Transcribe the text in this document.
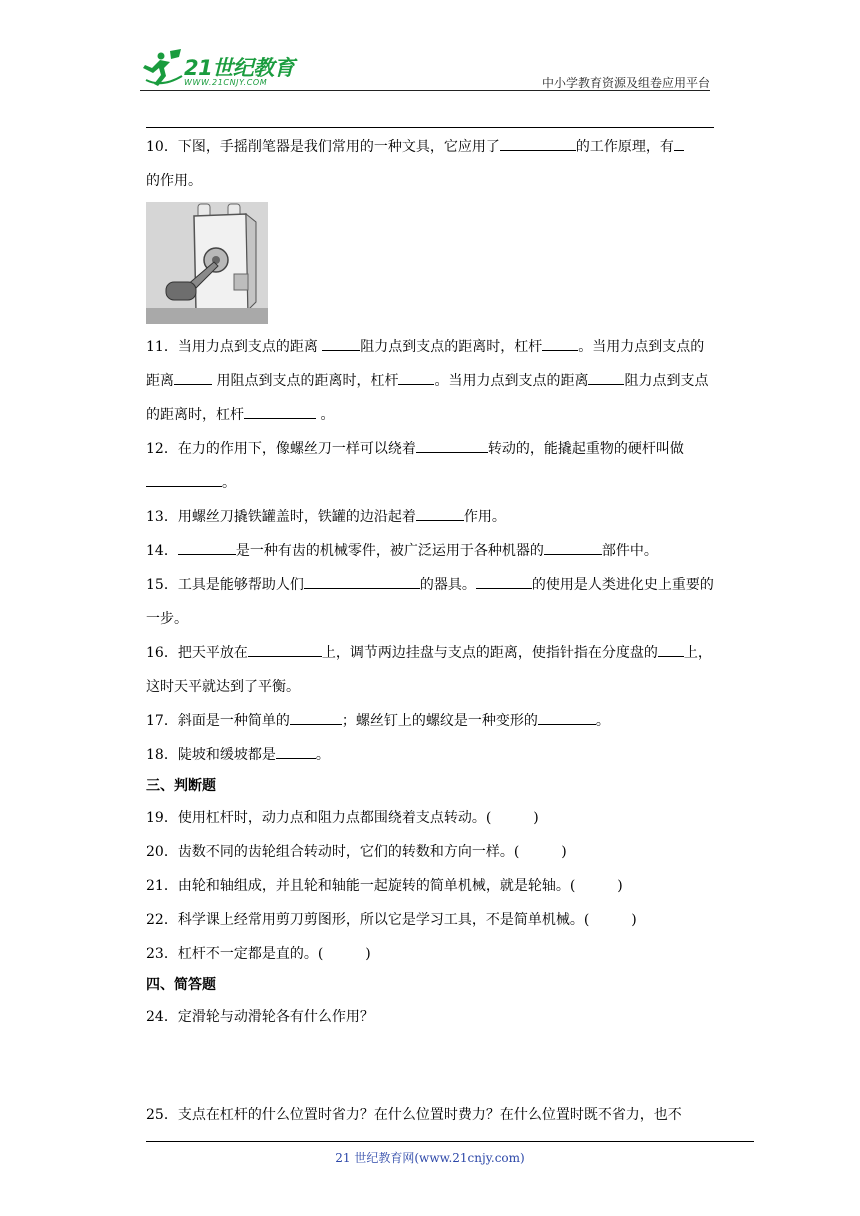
21世纪教育
WWW.21CNJY.COM	中小学教育资源及组卷应用平台

10．下图，手摇削笔器是我们常用的一种文具，它应用了	的工作原理，有
的作用。

11．当用力点到支点的距离	阻力点到支点的距离时，杠杆	。当用力点到支点的距离	用阻点到支点的距离时，杠杆	。当用力点到支点的距离	阻力点到支点的距离时，杠杆	。

12．在力的作用下，像螺丝刀一样可以绕着	转动的，能撬起重物的硬杆叫做。

13．用螺丝刀撬铁罐盖时，铁罐的边沿起着	作用。

14．	是一种有齿的机械零件，被广泛运用于各种机器的	部件中。

15．工具是能够帮助人们	的器具。	的使用是人类进化史上重要的一步。

16．把天平放在	上，调节两边挂盘与支点的距离，使指针指在分度盘的 上，这时天平就达到了平衡。

17．斜面是一种简单的	；螺丝钉上的螺纹是一种变形的	。

18．陡坡和缓坡都是	。

三、判断题

19．使用杠杆时，动力点和阻力点都围绕着支点转动。(	)

20．齿数不同的齿轮组合转动时，它们的转数和方向一样。(	)

21．由轮和轴组成，并且轮和轴能一起旋转的简单机械，就是轮轴。(	)

22．科学课上经常用剪刀剪图形，所以它是学习工具，不是简单机械。(	)

23．杠杆不一定都是直的。(	)

四、简答题

24．定滑轮与动滑轮各有什么作用？

25．支点在杠杆的什么位置时省力？在什么位置时费力？在什么位置时既不省力，也不

21 世纪教育网(www.21cnjy.com)
